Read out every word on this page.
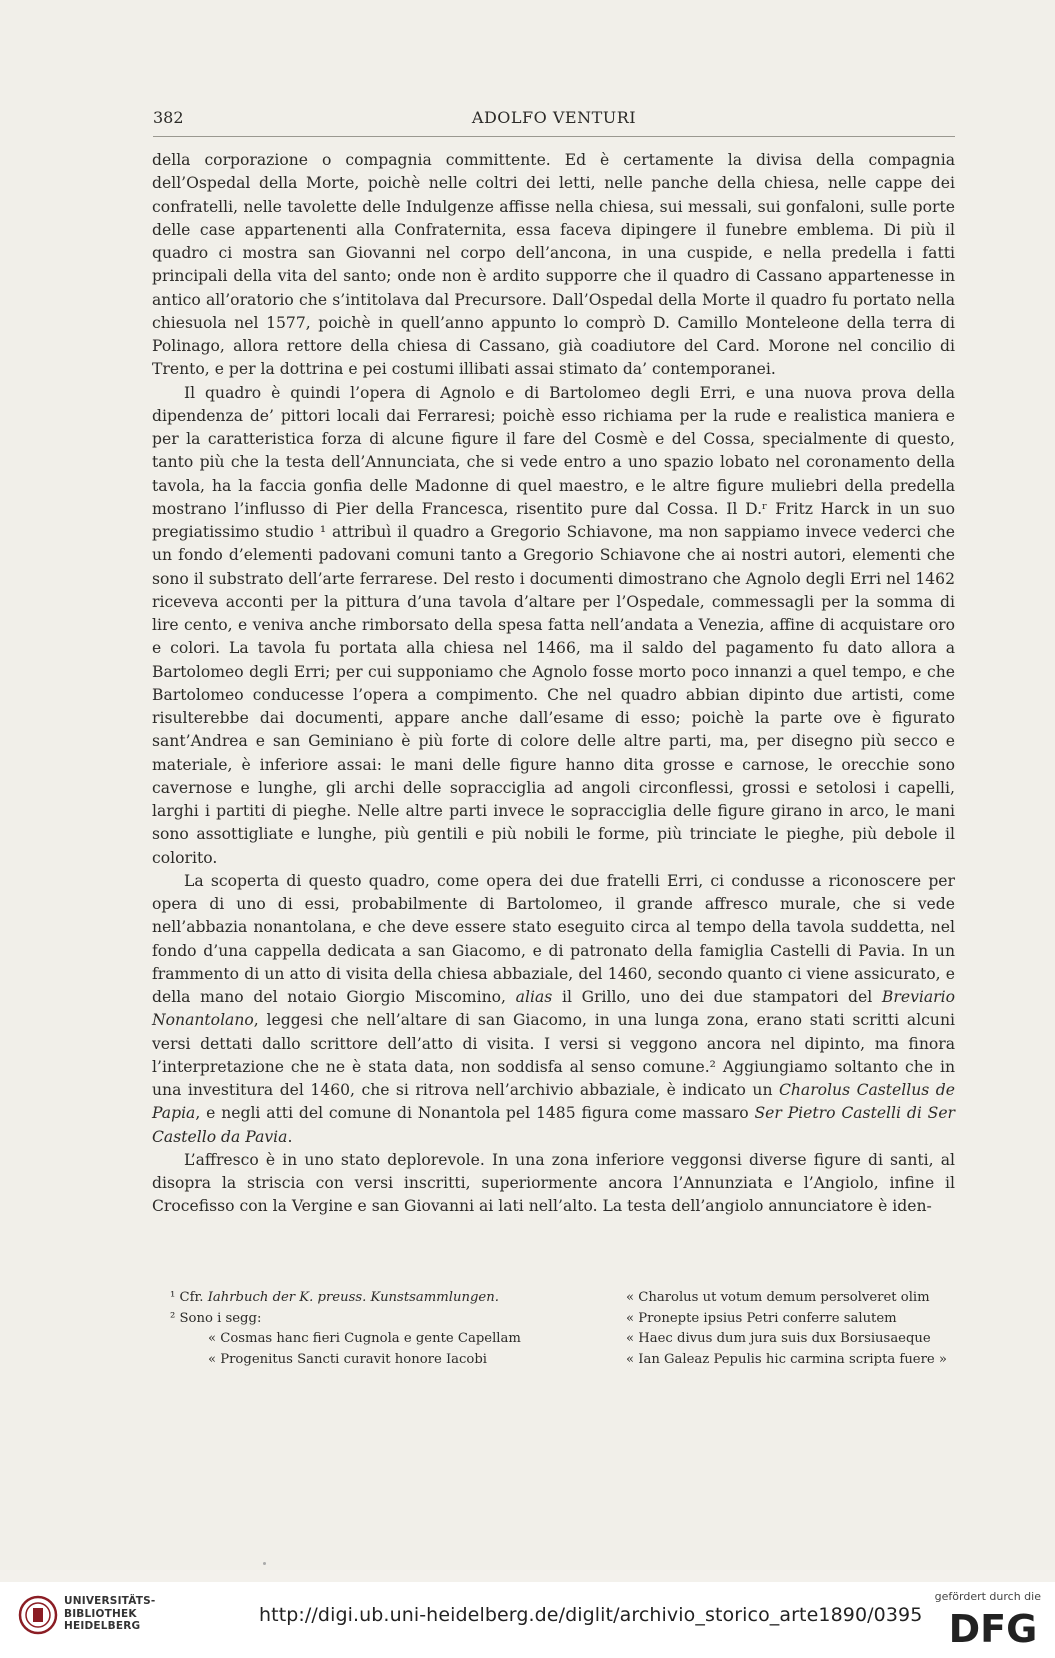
382	ADOLFO VENTURI

della corporazione o compagnia committente. Ed è certamente la divisa della compagnia dell’Ospedal della Morte, poichè nelle coltri dei letti, nelle panche della chiesa, nelle cappe dei confratelli, nelle tavolette delle Indulgenze affisse nella chiesa, sui messali, sui gonfaloni, sulle porte delle case appartenenti alla Confraternita, essa faceva dipingere il funebre emblema. Di più il quadro ci mostra san Giovanni nel corpo dell’ancona, in una cuspide, e nella predella i fatti principali della vita del santo; onde non è ardito supporre che il quadro di Cassano appartenesse in antico all’oratorio che s’intitolava dal Precursore. Dall’Ospedal della Morte il quadro fu portato nella chiesuola nel 1577, poichè in quell’anno appunto lo comprò D. Camillo Monteleone della terra di Polinago, allora rettore della chiesa di Cassano, già coadiutore del Card. Morone nel concilio di Trento, e per la dottrina e pei costumi illibati assai stimato da’ contemporanei.

Il quadro è quindi l’opera di Agnolo e di Bartolomeo degli Erri, e una nuova prova della dipendenza de’ pittori locali dai Ferraresi; poichè esso richiama per la rude e realistica maniera e per la caratteristica forza di alcune figure il fare del Cosmè e del Cossa, specialmente di questo, tanto più che la testa dell’Annunciata, che si vede entro a uno spazio lobato nel coronamento della tavola, ha la faccia gonfia delle Madonne di quel maestro, e le altre figure muliebri della predella mostrano l’influsso di Pier della Francesca, risentito pure dal Cossa. Il D.ʳ Fritz Harck in un suo pregiatissimo studio ¹ attribuì il quadro a Gregorio Schiavone, ma non sappiamo invece vederci che un fondo d’elementi padovani comuni tanto a Gregorio Schiavone che ai nostri autori, elementi che sono il substrato dell’arte ferrarese. Del resto i documenti dimostrano che Agnolo degli Erri nel 1462 riceveva acconti per la pittura d’una tavola d’altare per l’Ospedale, commessagli per la somma di lire cento, e veniva anche rimborsato della spesa fatta nell’andata a Venezia, affine di acquistare oro e colori. La tavola fu portata alla chiesa nel 1466, ma il saldo del pagamento fu dato allora a Bartolomeo degli Erri; per cui supponiamo che Agnolo fosse morto poco innanzi a quel tempo, e che Bartolomeo conducesse l’opera a compimento. Che nel quadro abbian dipinto due artisti, come risulterebbe dai documenti, appare anche dall’esame di esso; poichè la parte ove è figurato sant’Andrea e san Geminiano è più forte di colore delle altre parti, ma, per disegno più secco e materiale, è inferiore assai: le mani delle figure hanno dita grosse e carnose, le orecchie sono cavernose e lunghe, gli archi delle sopracciglia ad angoli circonflessi, grossi e setolosi i capelli, larghi i partiti di pieghe. Nelle altre parti invece le sopracciglia delle figure girano in arco, le mani sono assottigliate e lunghe, più gentili e più nobili le forme, più trinciate le pieghe, più debole il colorito.

La scoperta di questo quadro, come opera dei due fratelli Erri, ci condusse a riconoscere per opera di uno di essi, probabilmente di Bartolomeo, il grande affresco murale, che si vede nell’abbazia nonantolana, e che deve essere stato eseguito circa al tempo della tavola suddetta, nel fondo d’una cappella dedicata a san Giacomo, e di patronato della famiglia Castelli di Pavia. In un frammento di un atto di visita della chiesa abbaziale, del 1460, secondo quanto ci viene assicurato, e della mano del notaio Giorgio Miscomino, alias il Grillo, uno dei due stampatori del Breviario Nonantolano, leggesi che nell’altare di san Giacomo, in una lunga zona, erano stati scritti alcuni versi dettati dallo scrittore dell’atto di visita. I versi si veggono ancora nel dipinto, ma finora l’interpretazione che ne è stata data, non soddisfa al senso comune.² Aggiungiamo soltanto che in una investitura del 1460, che si ritrova nell’archivio abbaziale, è indicato un Charolus Castellus de Papia, e negli atti del comune di Nonantola pel 1485 figura come massaro Ser Pietro Castelli di Ser Castello da Pavia.

L’affresco è in uno stato deplorevole. In una zona inferiore veggonsi diverse figure di santi, al disopra la striscia con versi inscritti, superiormente ancora l’Annunziata e l’Angiolo, infine il Crocefisso con la Vergine e san Giovanni ai lati nell’alto. La testa dell’angiolo annunciatore è iden-

¹ Cfr. Iahrbuch der K. preuss. Kunstsammlungen.
² Sono i segg:
« Cosmas hanc fieri Cugnola e gente Capellam
« Progenitus Sancti curavit honore Iacobi
« Charolus ut votum demum persolveret olim
« Pronepte ipsius Petri conferre salutem
« Haec divus dum jura suis dux Borsiusaeque
« Ian Galeaz Pepulis hic carmina scripta fuere »
UNIVERSITÄTS-
BIBLIOTHEK
HEIDELBERG	http://digi.ub.uni-heidelberg.de/diglit/archivio_storico_arte1890/0395
gefördert durch die
DFG
